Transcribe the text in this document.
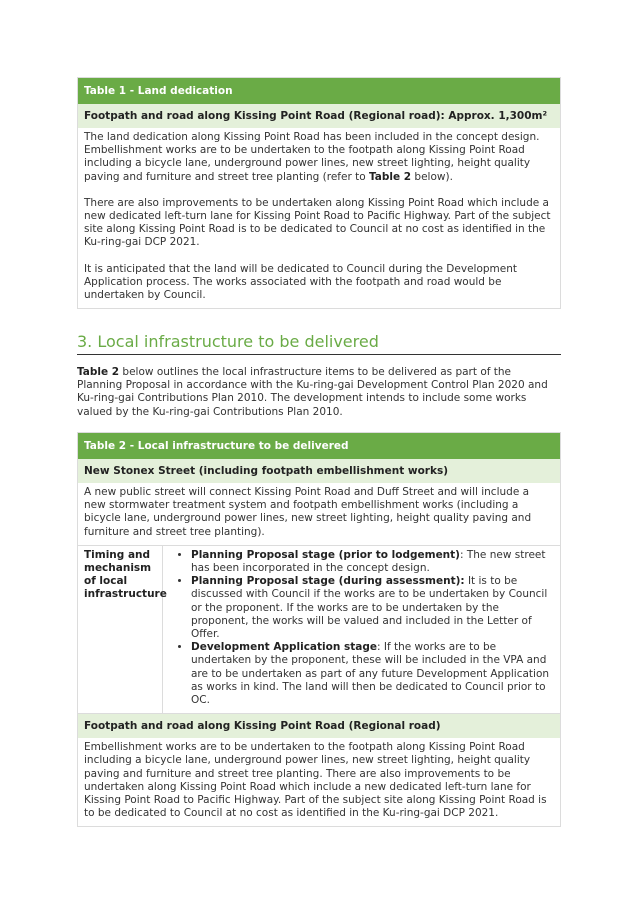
Table 1 - Land dedication
Footpath and road along Kissing Point Road (Regional road): Approx. 1,300m²

The land dedication along Kissing Point Road has been included in the concept design. Embellishment works are to be undertaken to the footpath along Kissing Point Road including a bicycle lane, underground power lines, new street lighting, height quality paving and furniture and street tree planting (refer to Table 2 below).

There are also improvements to be undertaken along Kissing Point Road which include a new dedicated left-turn lane for Kissing Point Road to Pacific Highway. Part of the subject site along Kissing Point Road is to be dedicated to Council at no cost as identified in the Ku-ring-gai DCP 2021.

It is anticipated that the land will be dedicated to Council during the Development Application process. The works associated with the footpath and road would be undertaken by Council.

3. Local infrastructure to be delivered

Table 2 below outlines the local infrastructure items to be delivered as part of the Planning Proposal in accordance with the Ku-ring-gai Development Control Plan 2020 and Ku-ring-gai Contributions Plan 2010. The development intends to include some works valued by the Ku-ring-gai Contributions Plan 2010.

Table 2 - Local infrastructure to be delivered
New Stonex Street (including footpath embellishment works)
A new public street will connect Kissing Point Road and Duff Street and will include a new stormwater treatment system and footpath embellishment works (including a bicycle lane, underground power lines, new street lighting, height quality paving and furniture and street tree planting).
Timing and mechanism of local infrastructure
• Planning Proposal stage (prior to lodgement): The new street has been incorporated in the concept design.
• Planning Proposal stage (during assessment): It is to be discussed with Council if the works are to be undertaken by Council or the proponent. If the works are to be undertaken by the proponent, the works will be valued and included in the Letter of Offer.
• Development Application stage: If the works are to be undertaken by the proponent, these will be included in the VPA and are to be undertaken as part of any future Development Application as works in kind. The land will then be dedicated to Council prior to OC.
Footpath and road along Kissing Point Road (Regional road)
Embellishment works are to be undertaken to the footpath along Kissing Point Road including a bicycle lane, underground power lines, new street lighting, height quality paving and furniture and street tree planting. There are also improvements to be undertaken along Kissing Point Road which include a new dedicated left-turn lane for Kissing Point Road to Pacific Highway. Part of the subject site along Kissing Point Road is to be dedicated to Council at no cost as identified in the Ku-ring-gai DCP 2021.
